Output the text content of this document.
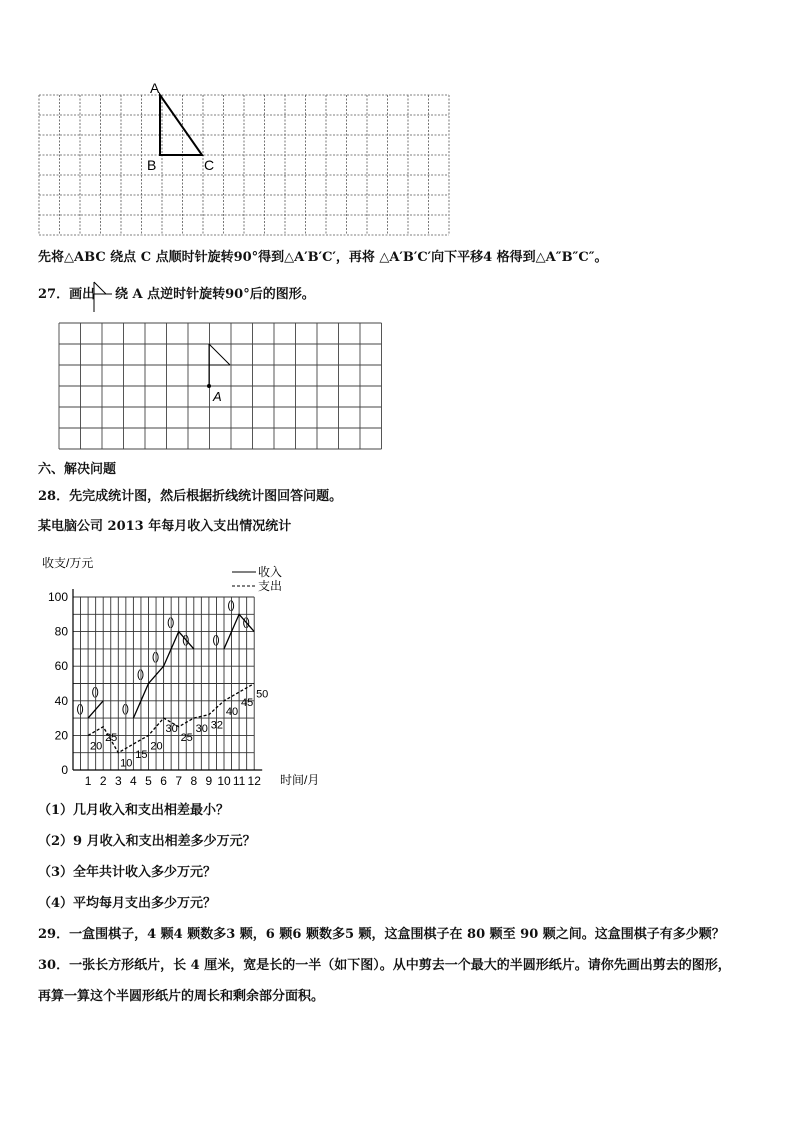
A
B	C
先将△ABC 绕点 C 点顺时针旋转90°得到△A′B′C′，再将 △A′B′C′向下平移4 格得到△A″B″C″。
27．画出 绕 A 点逆时针旋转90°后的图形。
A
六、解决问题
28．先完成统计图，然后根据折线统计图回答问题。
某电脑公司 2013 年每月收入支出情况统计
0
20
40
60
80
100
1 2 3 4 5 6 7 8 9 10 11 12
()
()
()
()
()
()
() ()
()
()
20
25
10
15
20
30
25
30 32
40
45
50
收支/万元
时间/月
收入
支出
（1）几月收入和支出相差最小？
（2）9 月收入和支出相差多少万元？
（3）全年共计收入多少万元？
（4）平均每月支出多少万元？
29．一盒围棋子，4 颗4 颗数多3 颗，6 颗6 颗数多5 颗，这盒围棋子在 80 颗至 90 颗之间。这盒围棋子有多少颗？
30．一张长方形纸片，长 4 厘米，宽是长的一半（如下图）。从中剪去一个最大的半圆形纸片。请你先画出剪去的图形，
再算一算这个半圆形纸片的周长和剩余部分面积。
